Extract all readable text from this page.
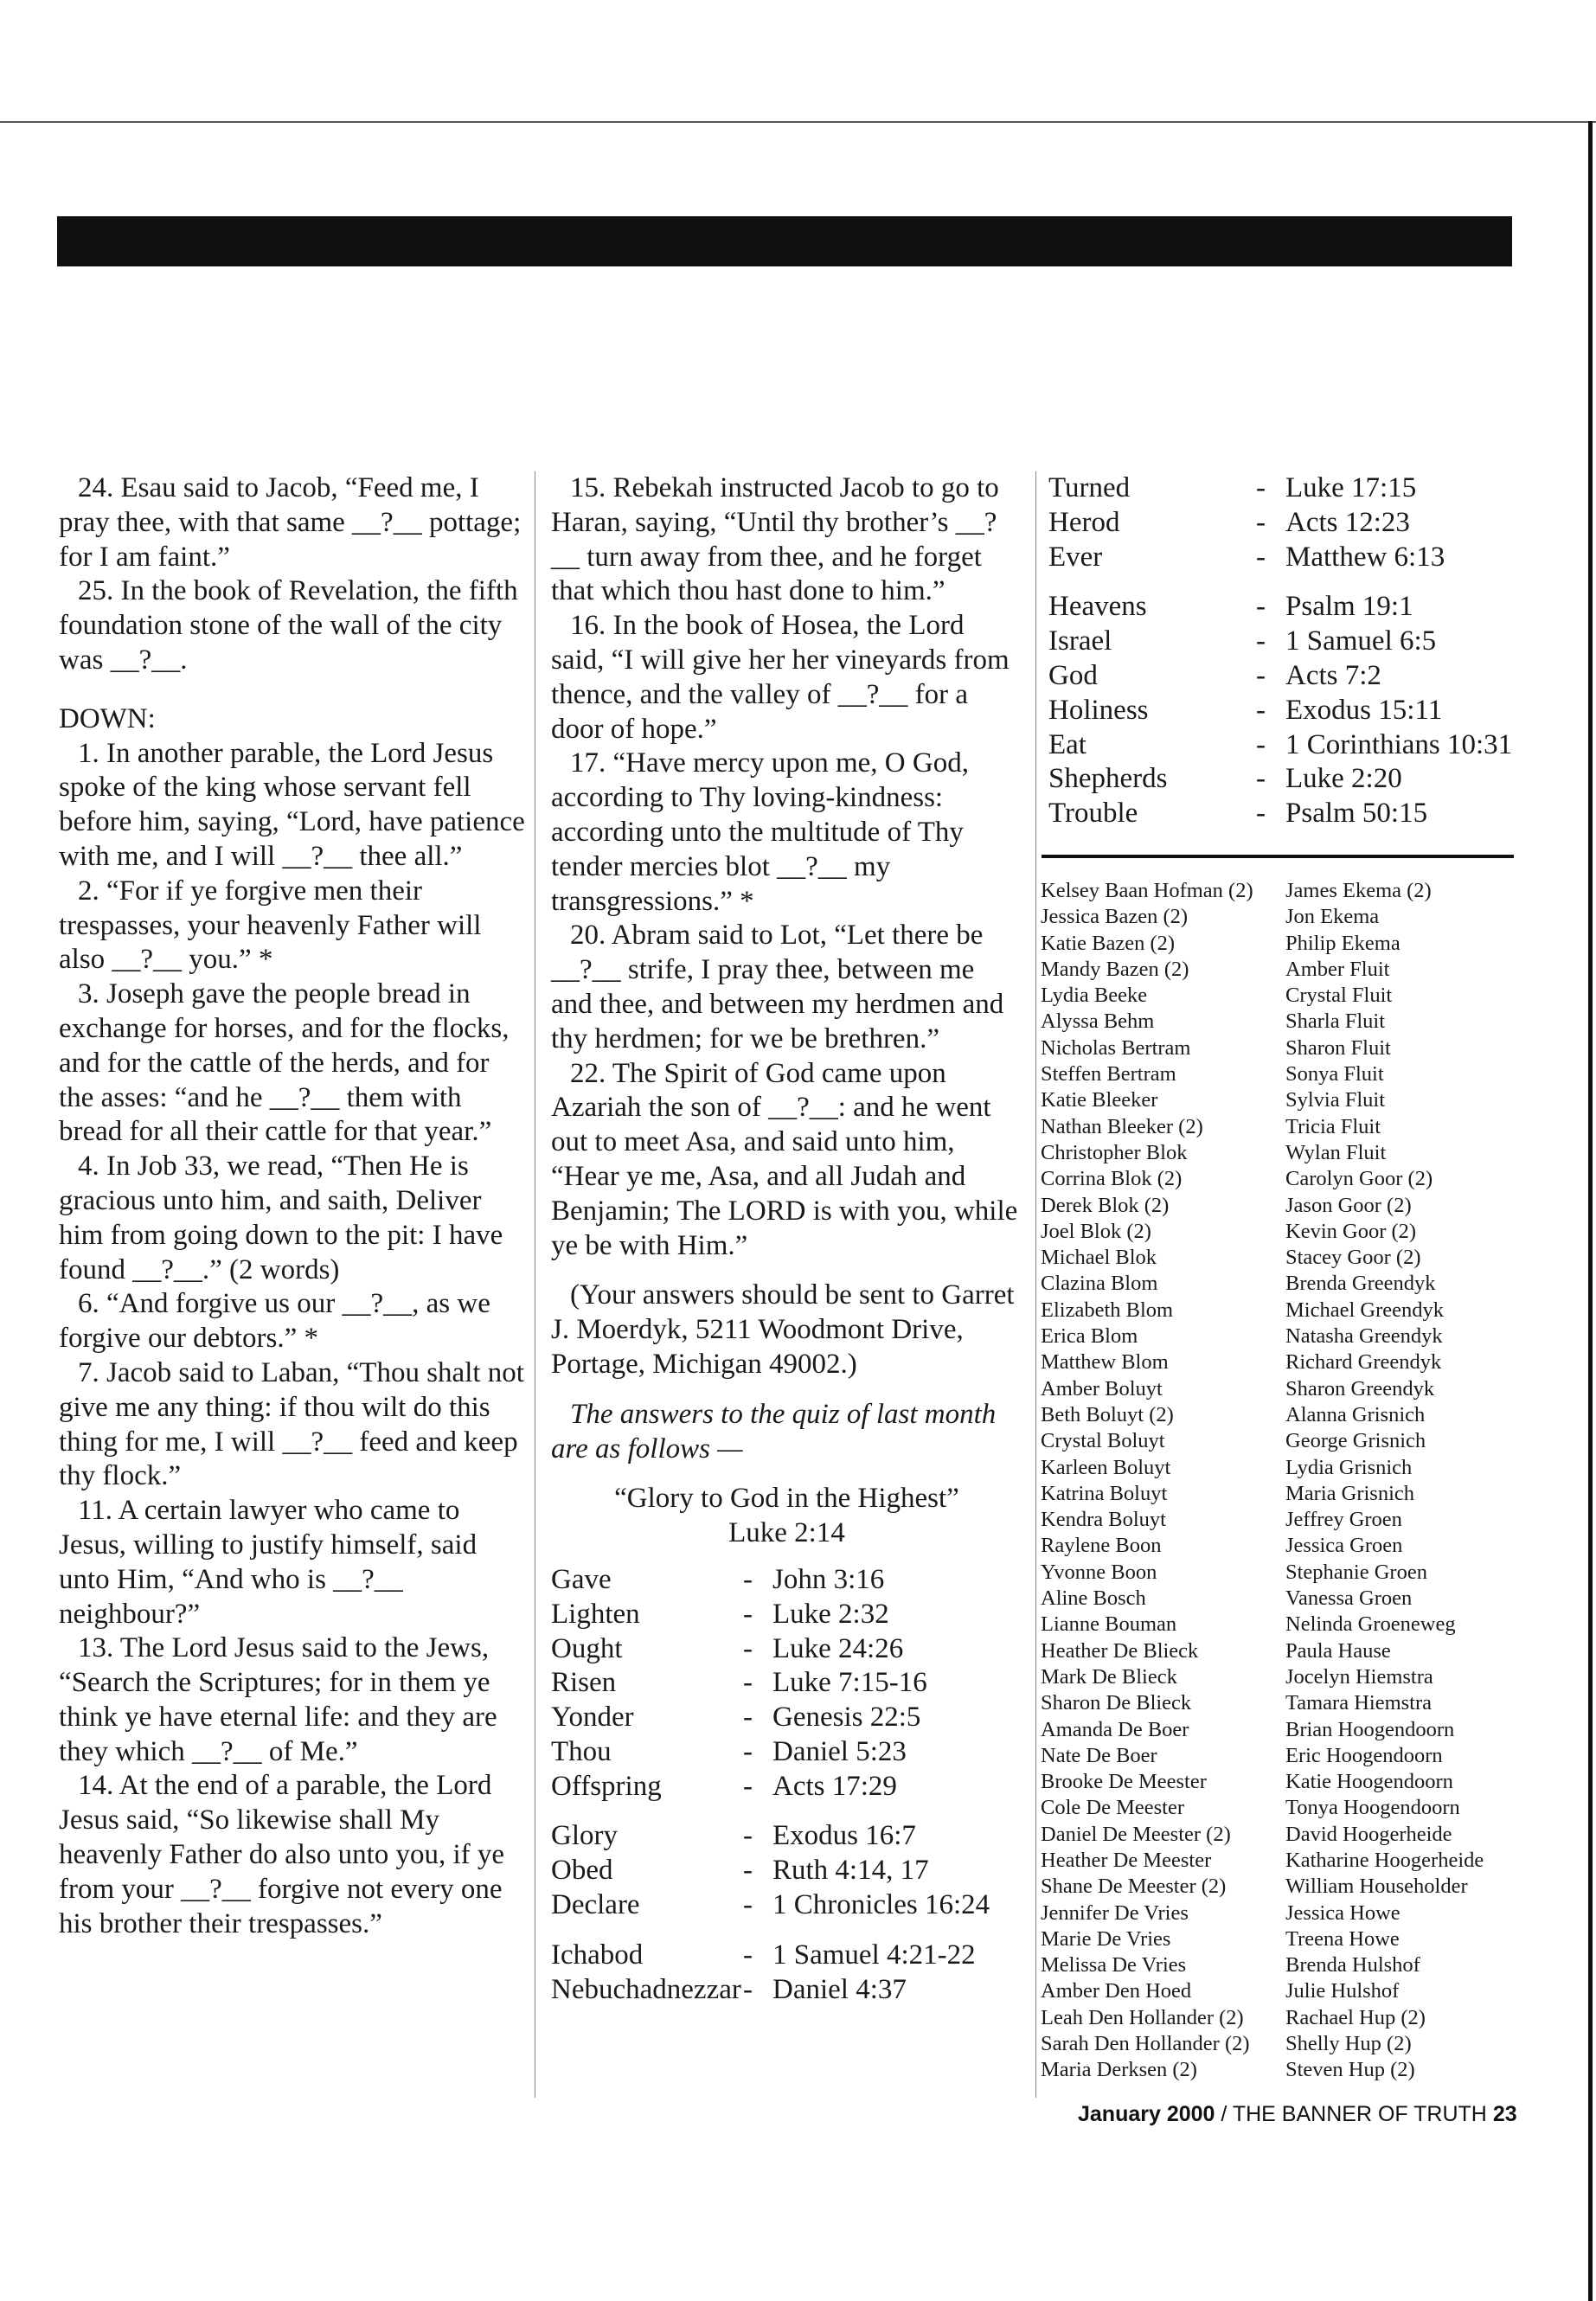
24. Esau said to Jacob, “Feed me, I pray thee, with that same __?__ pottage; for I am faint.”

25. In the book of Revelation, the fifth foundation stone of the wall of the city was __?__.

DOWN:

1. In another parable, the Lord Jesus spoke of the king whose servant fell before him, saying, “Lord, have patience with me, and I will __?__ thee all.”

2. “For if ye forgive men their trespasses, your heavenly Father will also __?__ you.” *

3. Joseph gave the people bread in exchange for horses, and for the flocks, and for the cattle of the herds, and for the asses: “and he __?__ them with bread for all their cattle for that year.”

4. In Job 33, we read, “Then He is gracious unto him, and saith, Deliver him from going down to the pit: I have found __?__.” (2 words)

6. “And forgive us our __?__, as we forgive our debtors.” *

7. Jacob said to Laban, “Thou shalt not give me any thing: if thou wilt do this thing for me, I will __?__ feed and keep thy flock.”

11. A certain lawyer who came to Jesus, willing to justify himself, said unto Him, “And who is __?__ neighbour?”

13. The Lord Jesus said to the Jews, “Search the Scriptures; for in them ye think ye have eternal life: and they are they which __?__ of Me.”

14. At the end of a parable, the Lord Jesus said, “So likewise shall My heavenly Father do also unto you, if ye from your __?__ forgive not every one his brother their trespasses.”

15. Rebekah instructed Jacob to go to Haran, saying, “Until thy brother’s __?__ turn away from thee, and he forget that which thou hast done to him.”

16. In the book of Hosea, the Lord said, “I will give her her vineyards from thence, and the valley of __?__ for a door of hope.”

17. “Have mercy upon me, O God, according to Thy loving-kindness: according unto the multitude of Thy tender mercies blot __?__ my transgressions.” *

20. Abram said to Lot, “Let there be __?__ strife, I pray thee, between me and thee, and between my herdmen and thy herdmen; for we be brethren.”

22. The Spirit of God came upon Azariah the son of __?__: and he went out to meet Asa, and said unto him, “Hear ye me, Asa, and all Judah and Benjamin; The LORD is with you, while ye be with Him.”

(Your answers should be sent to Garret J. Moerdyk, 5211 Woodmont Drive, Portage, Michigan 49002.)

The answers to the quiz of last month are as follows —

“Glory to God in the Highest”

Luke 2:14

Gave	-	John 3:16
Lighten	-	Luke 2:32
Ought	-	Luke 24:26
Risen	-	Luke 7:15-16
Yonder	-	Genesis 22:5
Thou	-	Daniel 5:23
Offspring	-	Acts 17:29
Glory	-	Exodus 16:7
Obed	-	Ruth 4:14, 17
Declare	-	1 Chronicles 16:24
Ichabod	-	1 Samuel 4:21-22
Nebuchadnezzar	-	Daniel 4:37
Turned	-	Luke 17:15
Herod	-	Acts 12:23
Ever	-	Matthew 6:13
Heavens	-	Psalm 19:1
Israel	-	1 Samuel 6:5
God	-	Acts 7:2
Holiness	-	Exodus 15:11
Eat	-	1 Corinthians 10:31
Shepherds	-	Luke 2:20
Trouble	-	Psalm 50:15
Kelsey Baan Hofman (2)
Jessica Bazen (2)
Katie Bazen (2)
Mandy Bazen (2)
Lydia Beeke
Alyssa Behm
Nicholas Bertram
Steffen Bertram
Katie Bleeker
Nathan Bleeker (2)
Christopher Blok
Corrina Blok (2)
Derek Blok (2)
Joel Blok (2)
Michael Blok
Clazina Blom
Elizabeth Blom
Erica Blom
Matthew Blom
Amber Boluyt
Beth Boluyt (2)
Crystal Boluyt
Karleen Boluyt
Katrina Boluyt
Kendra Boluyt
Raylene Boon
Yvonne Boon
Aline Bosch
Lianne Bouman
Heather De Blieck
Mark De Blieck
Sharon De Blieck
Amanda De Boer
Nate De Boer
Brooke De Meester
Cole De Meester
Daniel De Meester (2)
Heather De Meester
Shane De Meester (2)
Jennifer De Vries
Marie De Vries
Melissa De Vries
Amber Den Hoed
Leah Den Hollander (2)
Sarah Den Hollander (2)
Maria Derksen (2)
James Ekema (2)
Jon Ekema
Philip Ekema
Amber Fluit
Crystal Fluit
Sharla Fluit
Sharon Fluit
Sonya Fluit
Sylvia Fluit
Tricia Fluit
Wylan Fluit
Carolyn Goor (2)
Jason Goor (2)
Kevin Goor (2)
Stacey Goor (2)
Brenda Greendyk
Michael Greendyk
Natasha Greendyk
Richard Greendyk
Sharon Greendyk
Alanna Grisnich
George Grisnich
Lydia Grisnich
Maria Grisnich
Jeffrey Groen
Jessica Groen
Stephanie Groen
Vanessa Groen
Nelinda Groeneweg
Paula Hause
Jocelyn Hiemstra
Tamara Hiemstra
Brian Hoogendoorn
Eric Hoogendoorn
Katie Hoogendoorn
Tonya Hoogendoorn
David Hoogerheide
Katharine Hoogerheide
William Householder
Jessica Howe
Treena Howe
Brenda Hulshof
Julie Hulshof
Rachael Hup (2)
Shelly Hup (2)
Steven Hup (2)
January 2000 / THE BANNER OF TRUTH 23
